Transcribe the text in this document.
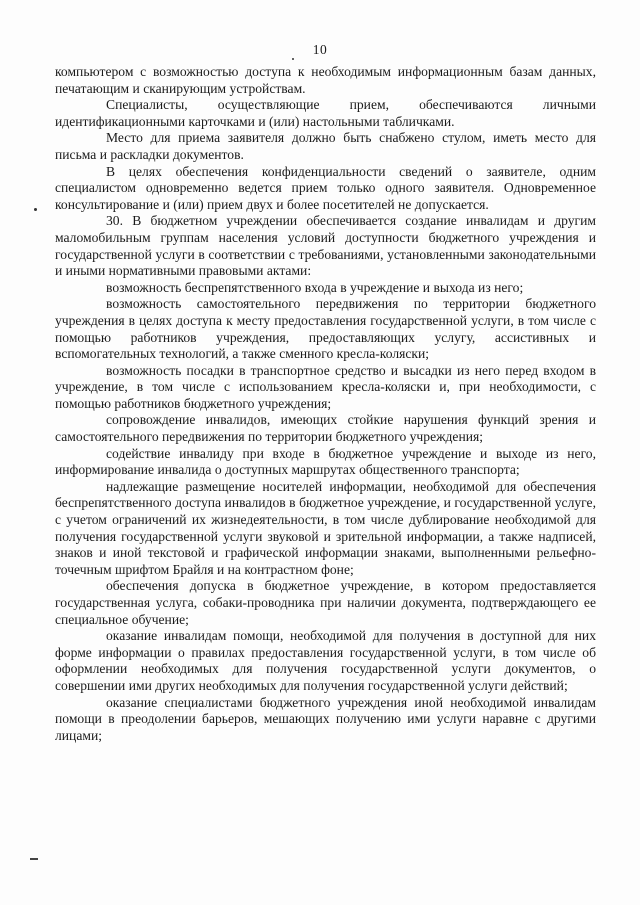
10

компьютером с возможностью доступа к необходимым информационным базам данных, печатающим и сканирующим устройствам.

Специалисты, осуществляющие прием, обеспечиваются личными идентификационными карточками и (или) настольными табличками.

Место для приема заявителя должно быть снабжено стулом, иметь место для письма и раскладки документов.

В целях обеспечения конфиденциальности сведений о заявителе, одним специалистом одновременно ведется прием только одного заявителя. Одновременное консультирование и (или) прием двух и более посетителей не допускается.

30. В бюджетном учреждении обеспечивается создание инвалидам и другим маломобильным группам населения условий доступности бюджетного учреждения и государственной услуги в соответствии с требованиями, установленными законодательными и иными нормативными правовыми актами:

возможность беспрепятственного входа в учреждение и выхода из него;

возможность самостоятельного передвижения по территории бюджетного учреждения в целях доступа к месту предоставления государственной услуги, в том числе с помощью работников учреждения, предоставляющих услугу, ассистивных и вспомогательных технологий, а также сменного кресла-коляски;

возможность посадки в транспортное средство и высадки из него перед входом в учреждение, в том числе с использованием кресла-коляски и, при необходимости, с помощью работников бюджетного учреждения;

сопровождение инвалидов, имеющих стойкие нарушения функций зрения и самостоятельного передвижения по территории бюджетного учреждения;

содействие инвалиду при входе в бюджетное учреждение и выходе из него, информирование инвалида о доступных маршрутах общественного транспорта;

надлежащие размещение носителей информации, необходимой для обеспечения беспрепятственного доступа инвалидов в бюджетное учреждение, и государственной услуге, с учетом ограничений их жизнедеятельности, в том числе дублирование необходимой для получения государственной услуги звуковой и зрительной информации, а также надписей, знаков и иной текстовой и графической информации знаками, выполненными рельефно-точечным шрифтом Брайля и на контрастном фоне;

обеспечения допуска в бюджетное учреждение, в котором предоставляется государственная услуга, собаки-проводника при наличии документа, подтверждающего ее специальное обучение;

оказание инвалидам помощи, необходимой для получения в доступной для них форме информации о правилах предоставления государственной услуги, в том числе об оформлении необходимых для получения государственной услуги документов, о совершении ими других необходимых для получения государственной услуги действий;

оказание специалистами бюджетного учреждения иной необходимой инвалидам помощи в преодолении барьеров, мешающих получению ими услуги наравне с другими лицами;
